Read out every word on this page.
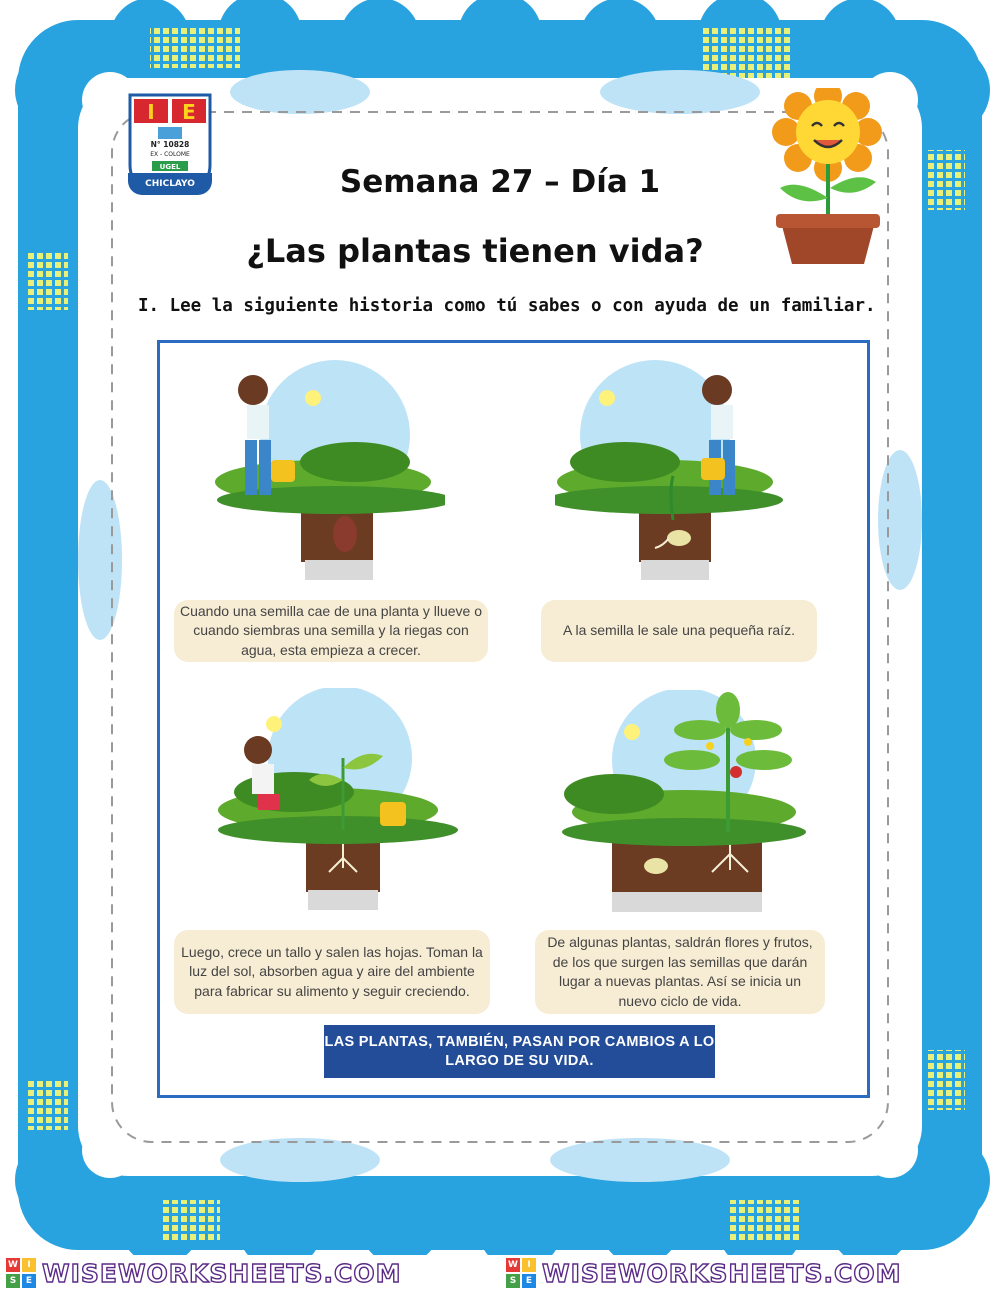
I E
N° 10828
EX - COLOME
UGEL
CHICLAYO	Semana 27 – Día 1
¿Las plantas tienen vida?
I. Lee la siguiente historia como tú sabes o con ayuda de un familiar.
Cuando una semilla cae de una planta y llueve o cuando siembras una semilla y la riegas con agua, esta empieza a crecer.
A la semilla le sale una pequeña raíz.
Luego, crece un tallo y salen las hojas. Toman la luz del sol, absorben agua y aire del ambiente para fabricar su alimento y seguir creciendo.
De algunas plantas, saldrán flores y frutos, de los que surgen las semillas que darán lugar a nuevas plantas. Así se inicia un nuevo ciclo de vida.
LAS PLANTAS, TAMBIÉN, PASAN POR CAMBIOS A LO LARGO DE SU VIDA.
W	I
S	E WISEWORKSHEETS.COM	W	I
S	E WISEWORKSHEETS.COM
